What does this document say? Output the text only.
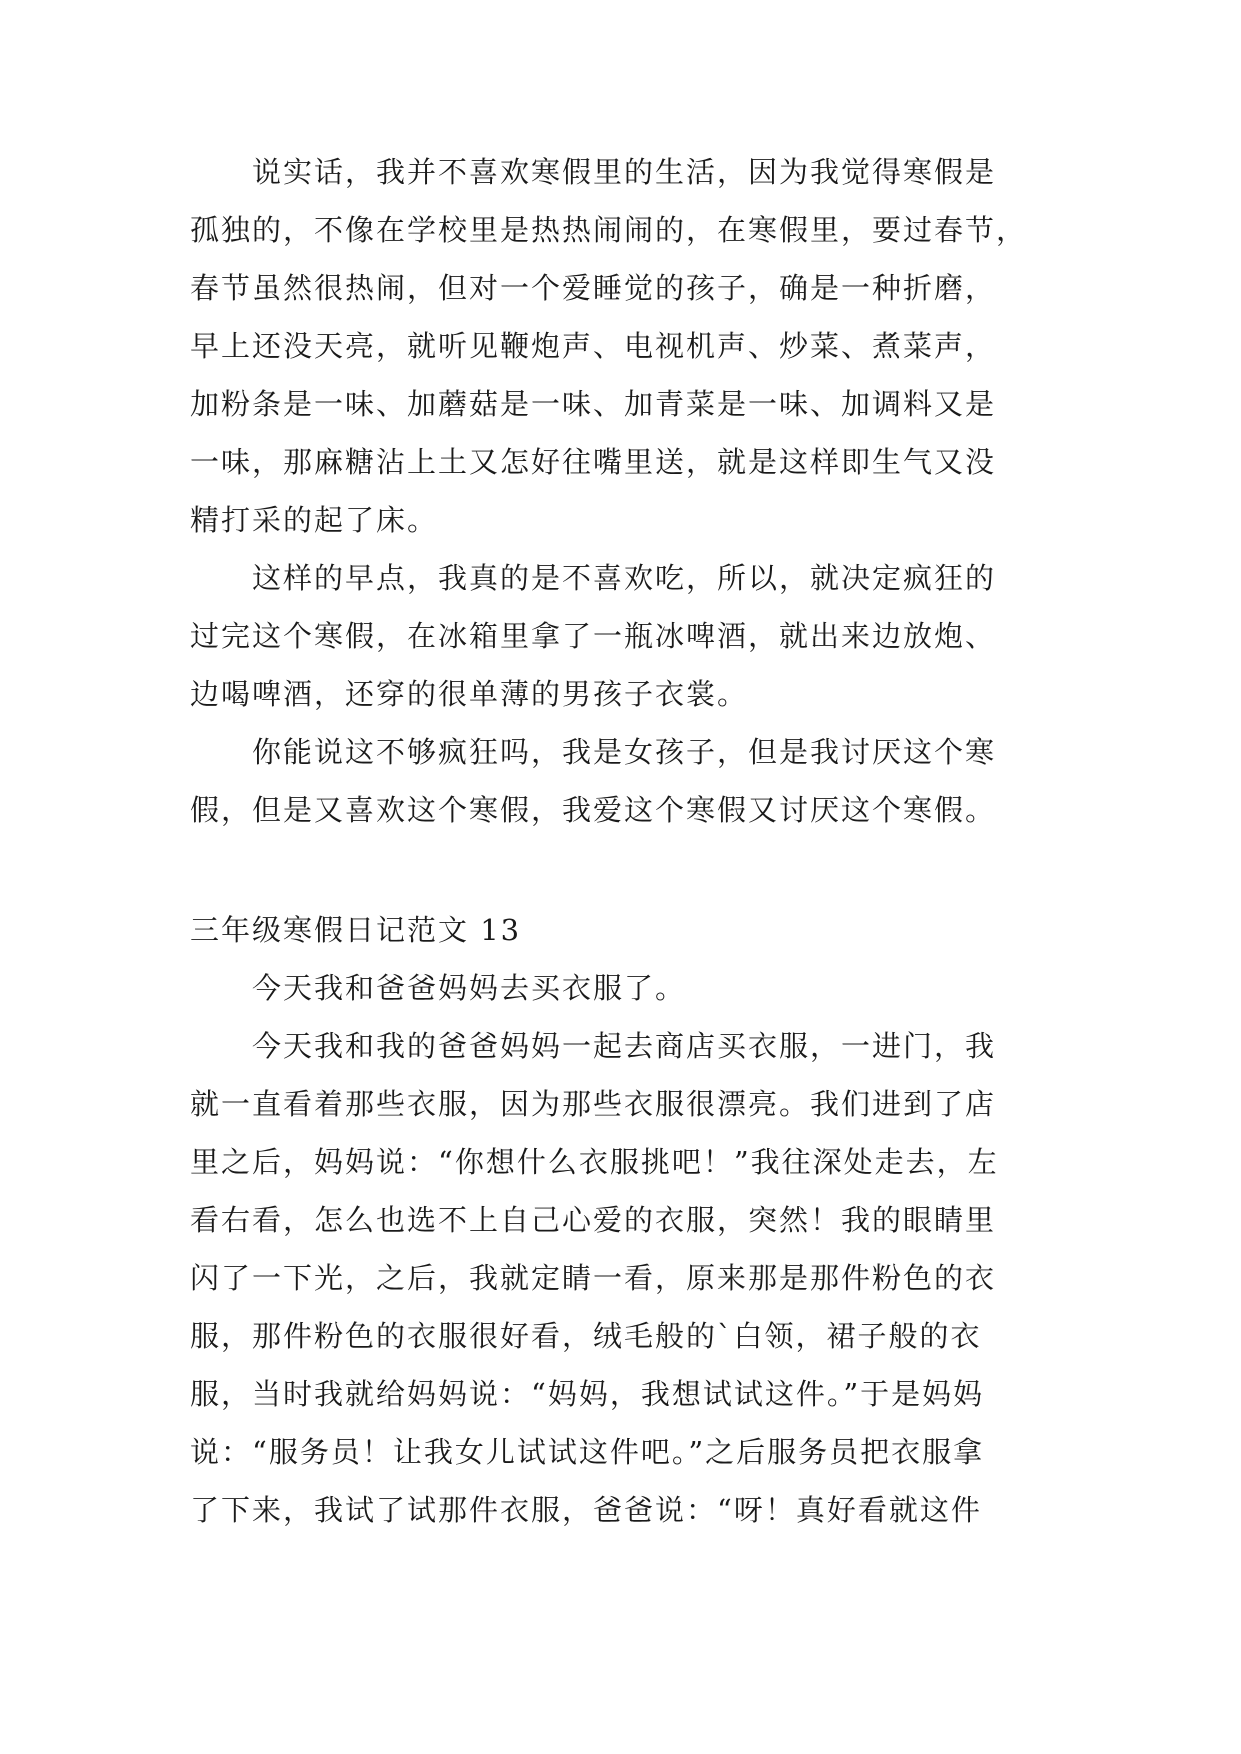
说实话，我并不喜欢寒假里的生活，因为我觉得寒假是

孤独的，不像在学校里是热热闹闹的，在寒假里，要过春节，

春节虽然很热闹，但对一个爱睡觉的孩子，确是一种折磨，

早上还没天亮，就听见鞭炮声、电视机声、炒菜、煮菜声，

加粉条是一味、加蘑菇是一味、加青菜是一味、加调料又是

一味，那麻糖沾上土又怎好往嘴里送，就是这样即生气又没

精打采的起了床。

这样的早点，我真的是不喜欢吃，所以，就决定疯狂的

过完这个寒假，在冰箱里拿了一瓶冰啤酒，就出来边放炮、

边喝啤酒，还穿的很单薄的男孩子衣裳。

你能说这不够疯狂吗，我是女孩子，但是我讨厌这个寒

假，但是又喜欢这个寒假，我爱这个寒假又讨厌这个寒假。

三年级寒假日记范文 13

今天我和爸爸妈妈去买衣服了。

今天我和我的爸爸妈妈一起去商店买衣服，一进门，我

就一直看着那些衣服，因为那些衣服很漂亮。我们进到了店

里之后，妈妈说：“你想什么衣服挑吧！”我往深处走去，左

看右看，怎么也选不上自己心爱的衣服，突然！我的眼睛里

闪了一下光，之后，我就定睛一看，原来那是那件粉色的衣

服，那件粉色的衣服很好看，绒毛般的`白领，裙子般的衣

服，当时我就给妈妈说：“妈妈，我想试试这件。”于是妈妈

说：“服务员！让我女儿试试这件吧。”之后服务员把衣服拿

了下来，我试了试那件衣服，爸爸说：“呀！真好看就这件
